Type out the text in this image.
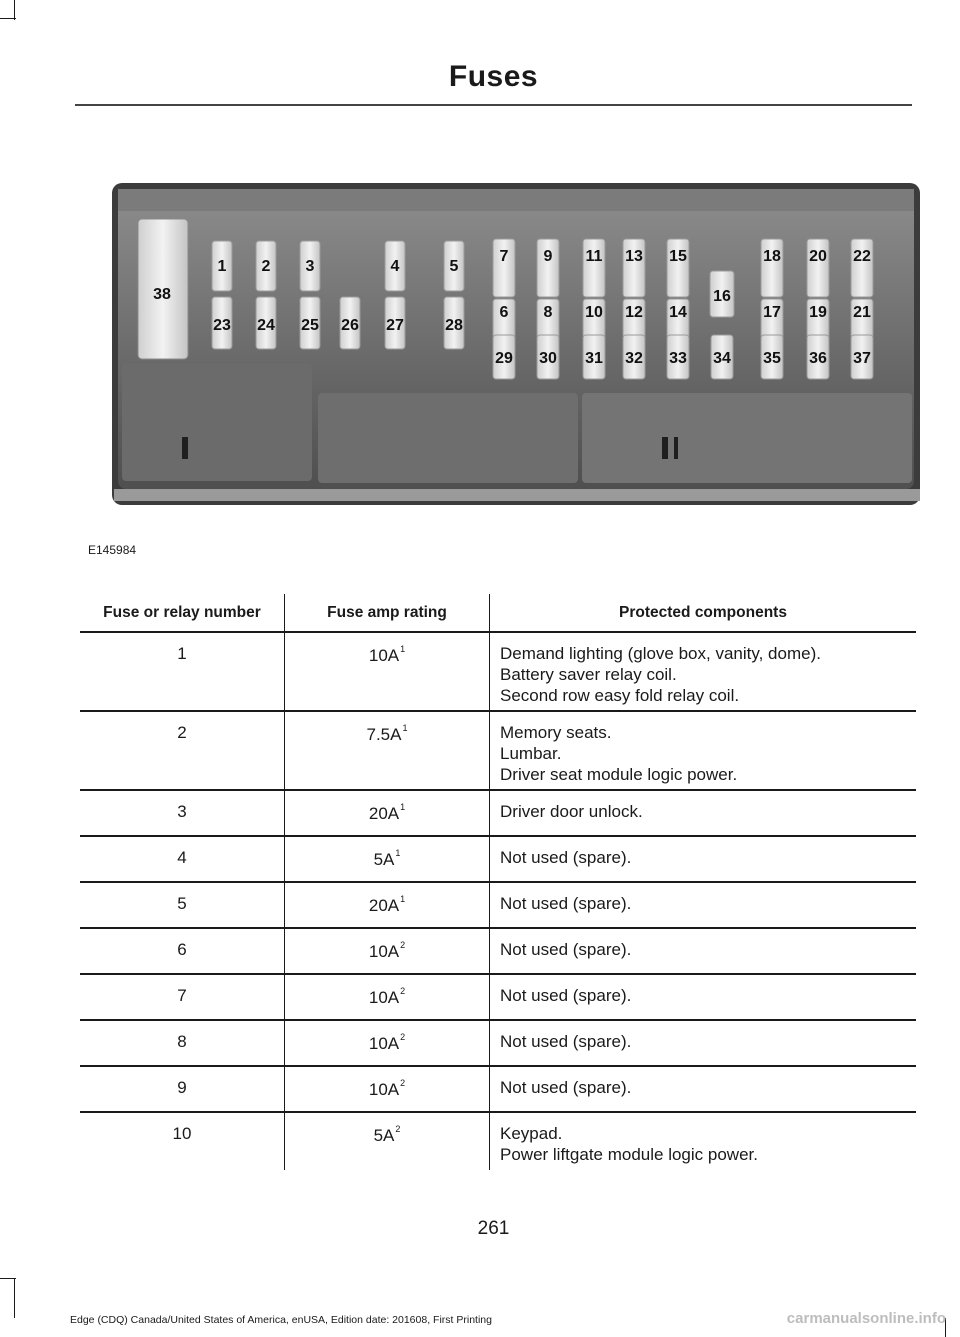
Fuses
1 2 3	4	5
7 9 11 13 15	18 20 22
23 24 25 26 27	28
6 8 10 12 14	17 19 21
16
29 30 31 32 33 34 35 36 37
38
E145984
Fuse or relay number	Fuse amp rating	Protected components
1	$10A^1$	Demand lighting (glove box, vanity, dome).
Battery saver relay coil.
Second row easy fold relay coil.
2	$7.5A^1$	Memory seats.
Lumbar.
Driver seat module logic power.
3	$20A^1$	Driver door unlock.
4	$5A^1$	Not used (spare).
5	$20A^1$	Not used (spare).
6	$10A^2$	Not used (spare).
7	$10A^2$	Not used (spare).
8	$10A^2$	Not used (spare).
9	$10A^2$	Not used (spare).
10	$5A^2$	Keypad.
Power liftgate module logic power.
261
Edge (CDQ) Canada/United States of America, enUSA, Edition date: 201608, First Printing	carmanualsonline.info
